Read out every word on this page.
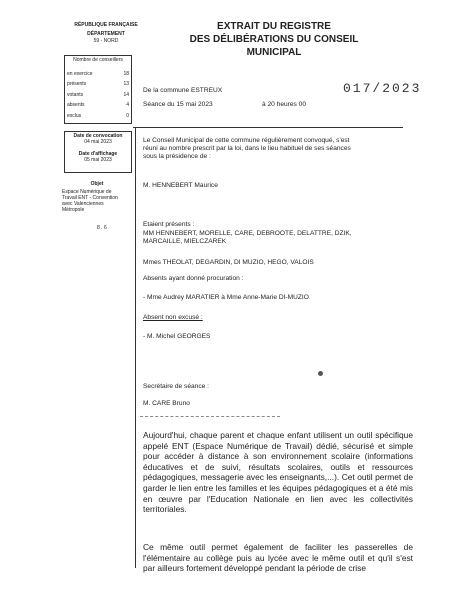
RÉPUBLIQUE FRANÇAISE
DÉPARTEMENT
59 - NORD
Nombre de conseillers
en exercice	18
présents	13
votants	14
absents	4
exclus	0
Date de convocation
04 mai 2023
Date d'affichage
05 mai 2023
Objet
Espace Numérique de
Travail ENT - Convention
avec Valenciennes
Métropole
8 . 6
EXTRAIT DU REGISTRE
DES DÉLIBÉRATIONS DU CONSEIL
MUNICIPAL
017/2023
De la commune ESTREUX
Séance du 15 mai 2023	à 20 heures 00
Le Conseil Municipal de cette commune régulièrement convoqué, s'est
réuni au nombre prescrit par la loi, dans le lieu habituel de ses séances
sous la présidence de :
M. HENNEBERT Maurice
Etaient présents :
MM HENNEBERT, MORELLE, CARE, DEBROOTE, DELATTRE, DZIK,
MARCAILLE, MIELCZAREK
Mmes THEOLAT, DEGARDIN, DI MUZIO, HEGO, VALOIS
Absents ayant donné procuration :
- Mme Audrey MARATIER à Mme Anne-Marie DI-MUZIO
Absent non excusé :
- M. Michel GEORGES
Secrétaire de séance :
M. CARE Bruno
Aujourd'hui, chaque parent et chaque enfant utilisent un outil spécifique appelé ENT (Espace Numérique de Travail) dédié, sécurisé et simple pour accéder à distance à son environnement scolaire (informations éducatives et de suivi, résultats scolaires, outils et ressources pédagogiques, messagerie avec les enseignants,...). Cet outil permet de garder le lien entre les familles et les équipes pédagogiques et a été mis en œuvre par l'Education Nationale en lien avec les collectivités territoriales.
Ce même outil permet également de faciliter les passerelles de l'élémentaire au collège puis au lycée avec le même outil et qu'il s'est par ailleurs fortement développé pendant la période de crise
